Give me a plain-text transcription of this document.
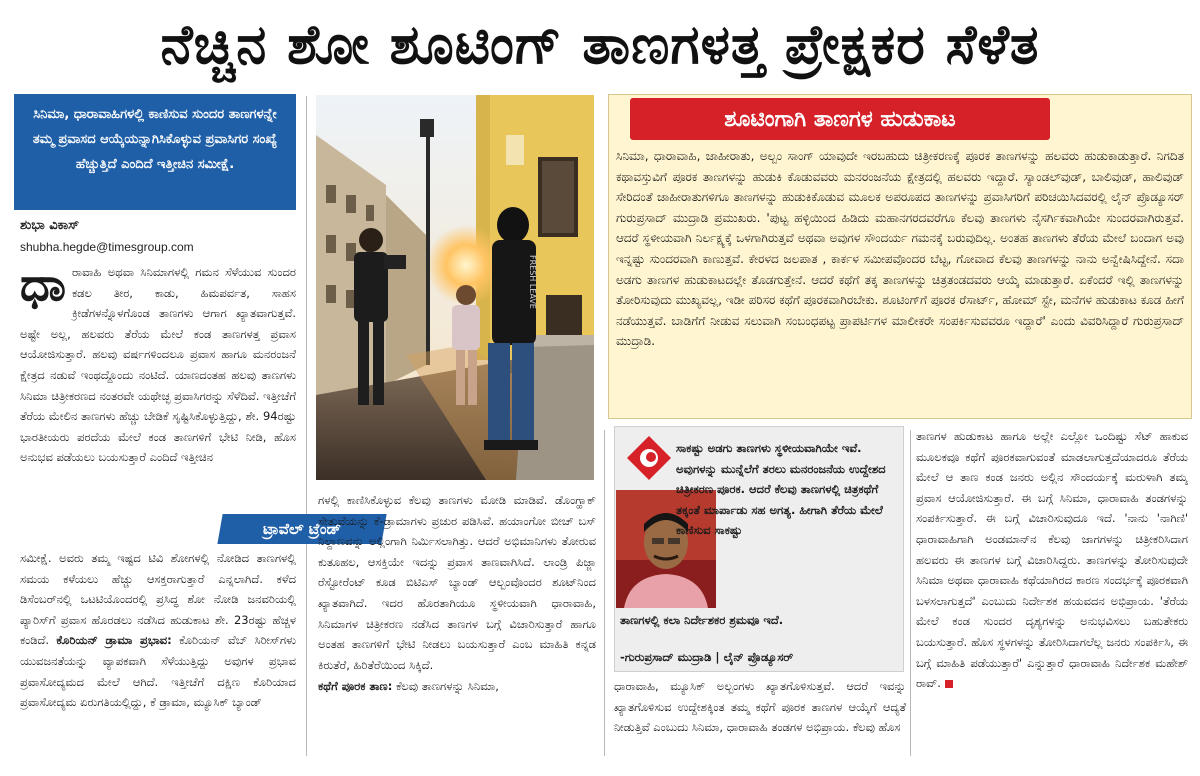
ನೆಚ್ಚಿನ ಶೋ ಶೂಟಿಂಗ್ ತಾಣಗಳತ್ತ ಪ್ರೇಕ್ಷಕರ ಸೆಳೆತ
ಸಿನಿಮಾ, ಧಾರಾವಾಹಿಗಳಲ್ಲಿ ಕಾಣಿಸುವ ಸುಂದರ ತಾಣಗಳನ್ನೇ ತಮ್ಮ ಪ್ರವಾಸದ ಆಯ್ಕೆಯನ್ನಾಗಿಸಿಕೊಳ್ಳುವ ಪ್ರವಾಸಿಗರ ಸಂಖ್ಯೆ ಹೆಚ್ಚುತ್ತಿದೆ ಎಂದಿದೆ ಇತ್ತೀಚಿನ ಸಮೀಕ್ಷೆ.
ಶುಭಾ ವಿಕಾಸ್
shubha.hegde@timesgroup.com
ಧಾ ರಾವಾಹಿ ಅಥವಾ ಸಿನಿಮಾಗಳಲ್ಲಿ ಗಮನ ಸೆಳೆಯುವ ಸುಂದರ ಕಡಲ ತೀರ, ಕಾಡು, ಹಿಮಪರ್ವತ, ಸಾಹಸ ಕ್ರೀಡೆಗಳನ್ನೊಳಗೊಂಡ ತಾಣಗಳು ಆಗಾಗ ಖ್ಯಾತವಾಗುತ್ತವೆ. ಅಷ್ಟೇ ಅಲ್ಲ, ಹಲವರು ತೆರೆಯ ಮೇಲೆ ಕಂಡ ತಾಣಗಳತ್ತ ಪ್ರವಾಸ ಆಯೋಜಿಸುತ್ತಾರೆ. ಹಲವು ವರ್ಷಗಳಿಂದಲೂ ಪ್ರವಾಸ ಹಾಗೂ ಮನರಂಜನೆ ಕ್ಷೇತ್ರದ ನಡುವೆ ಇಂಥದ್ದೊಂದು ನಂಟಿದೆ. ಯಾಣದಂತಹ ಹಲವು ತಾಣಗಳು ಸಿನಿಮಾ ಚಿತ್ರೀಕರಣದ ನಂತರವೇ ಯಥೇಚ್ಛ ಪ್ರವಾಸಿಗರನ್ನು ಸೆಳೆದಿವೆ. ಇತ್ತೀಚೆಗೆ ತೆರೆಯ ಮೇಲಿನ ತಾಣಗಳು ಹೆಚ್ಚು ಬೇಡಿಕೆ ಸೃಷ್ಟಿಸಿಕೊಳ್ಳುತ್ತಿದ್ದು, ಶೇ. 94ರಷ್ಟು ಭಾರತೀಯರು ಪರದೆಯ ಮೇಲೆ ಕಂಡ ತಾಣಗಳಿಗೆ ಭೇಟಿ ನೀಡಿ, ಹೊಸ ಅನುಭವ ಪಡೆಯಲು ಬಯಸುತ್ತಾರೆ ಎಂದಿದೆ ಇತ್ತೀಚಿನ
ಟ್ರಾವೆಲ್ ಟ್ರೆಂಡ್
ಸಮೀಕ್ಷೆ. ಅವರು ತಮ್ಮ ಇಷ್ಟದ ಟಿವಿ ಶೋಗಳಲ್ಲಿ ನೋಡಿದ ತಾಣಗಳಲ್ಲಿ ಸಮಯ ಕಳೆಯಲು ಹೆಚ್ಚು ಆಸಕ್ತರಾಗುತ್ತಾರೆ ಎನ್ನಲಾಗಿದೆ. ಕಳೆದ ಡಿಸೆಂಬರ್‌ನಲ್ಲಿ ಒಟಟಿಯೊಂದರಲ್ಲಿ ಪ್ರಸಿದ್ಧ ಶೋ ನೋಡಿ ಜನವರಿಯಲ್ಲಿ ಪ್ಯಾರಿಸ್‌ಗೆ ಪ್ರವಾಸ ಹೊರಡಲು ನಡೆಸಿದ ಹುಡುಕಾಟ ಶೇ. 23ರಷ್ಟು ಹೆಚ್ಚಳ ಕಂಡಿದೆ. ಕೊರಿಯನ್ ಡ್ರಾಮಾ ಪ್ರಭಾವ: ಕೊರಿಯನ್ ವೆಬ್ ಸಿರೀಸ್‌ಗಳು ಯುವಜನತೆಯನ್ನು ವ್ಯಾಪಕವಾಗಿ ಸೆಳೆಯುತ್ತಿದ್ದು ಅವುಗಳ ಪ್ರಭಾವ ಪ್ರವಾಸೋದ್ಯಮದ ಮೇಲೆ ಆಗಿದೆ. ಇತ್ತೀಚೆಗೆ ದಕ್ಷಿಣ ಕೊರಿಯಾದ ಪ್ರವಾಸೋದ್ಯಮ ಏರುಗತಿಯಲ್ಲಿದ್ದು, ಕೆ ಡ್ರಾಮಾ, ಮ್ಯೂಸಿಕ್ ಬ್ಯಾಂಡ್
FRESH LEAVE
ಗಳಲ್ಲಿ ಕಾಣಿಸಿಕೊಳ್ಳುವ ಕೆಲವು ತಾಣಗಳು ಮೋಡಿ ಮಾಡಿವೆ. ಡೊಂಗ್ಹಾಕ್ ಸೇತುವೆಯನ್ನು ಕೆ-ಡ್ರಾಮಾಗಳು ಪ್ರಚುರ ಪಡಿಸಿವೆ. ಹಯಾಂಗೋ ಬೀಚ್ ಬಸ್ ನಿಲ್ದಾಣವನ್ನು ಅಲ್ಲಿಂಗಾಗಿ ನಿರ್ಮಿಸಲಾಗಿತ್ತು. ಆದರೆ ಅಭಿಮಾನಿಗಳು ತೋರುವ ಕುತೂಹಲ, ಆಸಕ್ತಿಯೇ ಇದನ್ನು ಪ್ರವಾಸ ತಾಣವಾಗಿಸಿದೆ. ಲಾಂಡ್ರಿ ಪಿಜ್ಜಾ ರೆಸ್ಟೋರೆಂಟ್ ಕೂಡ ಬಿಟಿಎಸ್ ಬ್ಯಾಂಡ್ ಆಲ್ಬಂವೊಂದರ ಶೂಟ್‌ನಿಂದ ಖ್ಯಾತವಾಗಿದೆ. ಇದರ ಹೊರತಾಗಿಯೂ ಸ್ಥಳೀಯವಾಗಿ ಧಾರಾವಾಹಿ, ಸಿನಿಮಾಗಳ ಚಿತ್ರೀಕರಣ ನಡೆಸಿದ ತಾಣಗಳ ಬಗ್ಗೆ ವಿಚಾರಿಸುತ್ತಾರೆ ಹಾಗೂ ಅಂತಹ ತಾಣಗಳಿಗೆ ಭೇಟಿ ನೀಡಲು ಬಯಸುತ್ತಾರೆ ಎಂಬ ಮಾಹಿತಿ ಕನ್ನಡ ಕಿರುತೆರೆ, ಹಿರಿತೆರೆಯಿಂದ ಸಿಕ್ಕಿದೆ.
ಕಥೆಗೆ ಪೂರಕ ತಾಣ: ಕೆಲವು ತಾಣಗಳನ್ನು ಸಿನಿಮಾ,
ಶೂಟಿಂಗಾಗಿ ತಾಣಗಳ ಹುಡುಕಾಟ
ಸಿನಿಮಾ, ಧಾರಾವಾಹಿ, ಜಾಹೀರಾತು, ಅಲ್ಬಂ ಸಾಂಗ್ ಯಾವುದೇ ಇರಬಹುದು ಚಿತ್ರೀಕರಣಕ್ಕೆ ಪೂರಕ ತಾಣಗಳನ್ನು ಹಲವರು ಹುಡುಕಾಡುತ್ತಾರೆ. ನಿಗದಿತ ಕಥಾವಸ್ತುವಿಗೆ ಪೂರಕ ತಾಣಗಳನ್ನು ಹುಡುಕಿ ಕೊಡುವವರು ಮನರಂಜನೆಯ ಕ್ಷೇತ್ರದಲ್ಲಿ ಹಲವರು ಇದ್ದಾರೆ. ಸ್ಯಾಂಡಲ್‌ವುಡ್, ಬಾಲಿವುಡ್, ಹಾಲಿವುಡ್ ಸೇರಿದಂತೆ ಜಾಹೀರಾತುಗಳಿಗೂ ತಾಣಗಳನ್ನು ಹುಡುಕಿಕೊಡುವ ಮೂಲಕ ಅಪರೂಪದ ತಾಣಗಳನ್ನು ಪ್ರವಾಸಿಗರಿಗೆ ಪರಿಚಯಿಸಿದವರಲ್ಲಿ ಲೈನ್ ಪ್ರೊಡ್ಯೂಸರ್ ಗುರುಪ್ರಸಾದ್ ಮುದ್ರಾಡಿ ಪ್ರಮುಖರು. 'ಪುಟ್ಟ ಹಳ್ಳಿಯಿಂದ ಹಿಡಿದು ಮಹಾನಗರದವರೆಗೂ ಕೆಲವು ತಾಣಗಳು ನೈಸರ್ಗಿಕವಾಗಿಯೇ ಸುಂದರವಾಗಿರುತ್ತವೆ. ಆದರೆ ಸ್ಥಳೀಯವಾಗಿ ನಿರ್ಲಕ್ಷ್ಯಕ್ಕೆ ಒಳಗಾಗಿರುತ್ತವೆ ಅಥವಾ ಅವುಗಳ ಸೌಂದರ್ಯ ಗಮನಕ್ಕೆ ಬರುವುದಿಲ್ಲ. ಅಂತಹ ತಾಣಗಳು ತೆರೆಯ ಮೇಲೆ ಬಂದಾಗ ಅವು ಇನ್ನಷ್ಟು ಸುಂದರವಾಗಿ ಕಾಣುತ್ತವೆ. ಕೇರಳದ ಜಲಪಾತ , ಕಾರ್ಕಳ ಸಮೀಪವೊಂದರ ಬೆಟ್ಟ, ಗೋವಾದ ಕೆಲವು ತಾಣಗಳನ್ನು ನಾನು ಅನ್ವೇಷಿಸಿದ್ದೇನೆ. ಸದಾ ಅಡಗು ತಾಣಗಳ ಹುಡುಕಾಟದಲ್ಲೇ ತೊಡಗುತ್ತೇನೆ. ಆದರೆ ಕಥೆಗೆ ತಕ್ಕ ತಾಣಗಳನ್ನು ಚಿತ್ರತಂಡದವರು ಆಯ್ಕೆ ಮಾಡುತ್ತಾರೆ. ಏಕೆಂದರೆ ಇಲ್ಲಿ ತಾಣಗಳನ್ನು ತೋರಿಸುವುದು ಮುಖ್ಯವಲ್ಲ, ಇಡೀ ಪರಿಸರ ಕಥೆಗೆ ಪೂರಕವಾಗಿರಬೇಕು. ಶೂಟಿಂಗ್‌ಗೆ ಪೂರಕ ರೆಸಾರ್ಟ್, ಹೋಮ್ ಸ್ಟೇ, ಮನೆಗಳ ಹುಡುಕಾಟ ಕೂಡ ಹೀಗೆ ನಡೆಯುತ್ತವೆ. ಬಾಡಿಗೆಗೆ ನೀಡುವ ಸಲುವಾಗಿ ಸಂಬಂಧಪಟ್ಟ ಪ್ರಾಪರ್ಟಿಗಳ ಮಾಲೀಕರೇ ಸಂಪರ್ಕಿಸುವವರೂ ಇದ್ದಾರೆ' ಎಂದು ವಿವರಿಸಿದ್ದಾರೆ ಗುರುಪ್ರಸಾದ್ ಮುದ್ರಾಡಿ.
ಸಾಕಷ್ಟು ಅಡಗು ತಾಣಗಳು ಸ್ಥಳೀಯವಾಗಿಯೇ ಇವೆ. ಅವುಗಳನ್ನು ಮುನ್ನೆಲೆಗೆ ತರಲು ಮನರಂಜನೆಯ ಉದ್ದೇಶದ ಚಿತ್ರೀಕರಣ ಪೂರಕ. ಆದರೆ ಕೆಲವು ತಾಣಗಳಲ್ಲಿ ಚಿತ್ರಕಥೆಗೆ ತಕ್ಕಂತೆ ಮಾರ್ಪಾಡು ಸಹ ಅಗತ್ಯ. ಹೀಗಾಗಿ ತೆರೆಯ ಮೇಲೆ ಕಾಣಿಸುವ ಸಾಕಷ್ಟು
ತಾಣಗಳಲ್ಲಿ ಕಲಾ ನಿರ್ದೇಶಕರ ಶ್ರಮವೂ ಇದೆ.
-ಗುರುಪ್ರಸಾದ್ ಮುದ್ರಾಡಿ | ಲೈನ್ ಪ್ರೊಡ್ಯೂಸರ್
ಧಾರಾವಾಹಿ, ಮ್ಯೂಸಿಕ್ ಅಲ್ಬಂಗಳು ಖ್ಯಾತಗೊಳಿಸುತ್ತವೆ. ಆದರೆ ಇವನ್ನು ಖ್ಯಾತಗೊಳಿಸುವ ಉದ್ದೇಶಕ್ಕಿಂತ ತಮ್ಮ ಕಥೆಗೆ ಪೂರಕ ತಾಣಗಳ ಆಯ್ಕೆಗೆ ಆದ್ಯತೆ ನೀಡುತ್ತಿವೆ ಎಂಬುದು ಸಿನಿಮಾ, ಧಾರಾವಾಹಿ ತಂಡಗಳ ಅಭಿಪ್ರಾಯ. ಕೆಲವು ಹೊಸ
ತಾಣಗಳ ಹುಡುಕಾಟ ಹಾಗೂ ಅಲ್ಲೇ ಎಲ್ಲೋ ಒಂದಿಷ್ಟು ಸೆಟ್ ಹಾಕುವ ಮೂಲಕವೂ ಕಥೆಗೆ ಪೂರಕವಾಗುವಂತೆ ಮಾಡಲಾಗುತ್ತದೆಯಾದರೂ ತೆರೆಯ ಮೇಲೆ ಆ ತಾಣ ಕಂಡ ಜನರು ಅಲ್ಲಿನ ಸೌಂದರ್ಯಕ್ಕೆ ಮರುಳಾಗಿ ತಮ್ಮ ಪ್ರವಾಸ ಆಯೋಜಿಸುತ್ತಾರೆ. ಈ ಬಗ್ಗೆ ಸಿನಿಮಾ, ಧಾರಾವಾಹಿ ತಂಡಗಳನ್ನು ಸಂಪರ್ಕಿಸುತ್ತಾರೆ. ಈ ಬಗ್ಗೆ ವಿಚಾರಿಸುವುದೂ ಇದೆ. 'ನಾನು 'ನಾಗಿಣಿ' ಧಾರಾವಾಹಿಗಾಗಿ ಅಂಡಮಾನ್‌ನ ಕೆಲವು ಜಾಗಗಳನ್ನು ಚಿತ್ರೀಕರಿಸಿದಾಗ ಹಲವರು ಈ ತಾಣಗಳ ಬಗ್ಗೆ ವಿಚಾರಿಸಿದ್ದರು. ತಾಣಗಳನ್ನು ತೋರಿಸುವುದೇ ಸಿನಿಮಾ ಅಥವಾ ಧಾರಾವಾಹಿ ಕಥೆಯಾಗಿರದ ಕಾರಣ ಸಂದರ್ಭಕ್ಕೆ ಪೂರಕವಾಗಿ ಬಳಸಲಾಗುತ್ತದೆ' ಎಂಬುದು ನಿರ್ದೇಶಕ ಹಯವದನ ಅಭಿಪ್ರಾಯ. 'ತೆರೆಯ ಮೇಲೆ ಕಂಡ ಸುಂದರ ದೃಶ್ಯಗಳನ್ನು ಅನುಭವಿಸಲು ಬಹುತೇಕರು ಬಯಸುತ್ತಾರೆ. ಹೊಸ ಸ್ಥಳಗಳನ್ನು ತೋರಿಸಿದಾಗಲೆಲ್ಲ ಜನರು ಸಂಪರ್ಕಿಸಿ, ಈ ಬಗ್ಗೆ ಮಾಹಿತಿ ಪಡೆಯುತ್ತಾರೆ' ಎನ್ನುತ್ತಾರೆ ಧಾರಾವಾಹಿ ನಿರ್ದೇಶಕ ಮಹೇಶ್ ರಾವ್.
